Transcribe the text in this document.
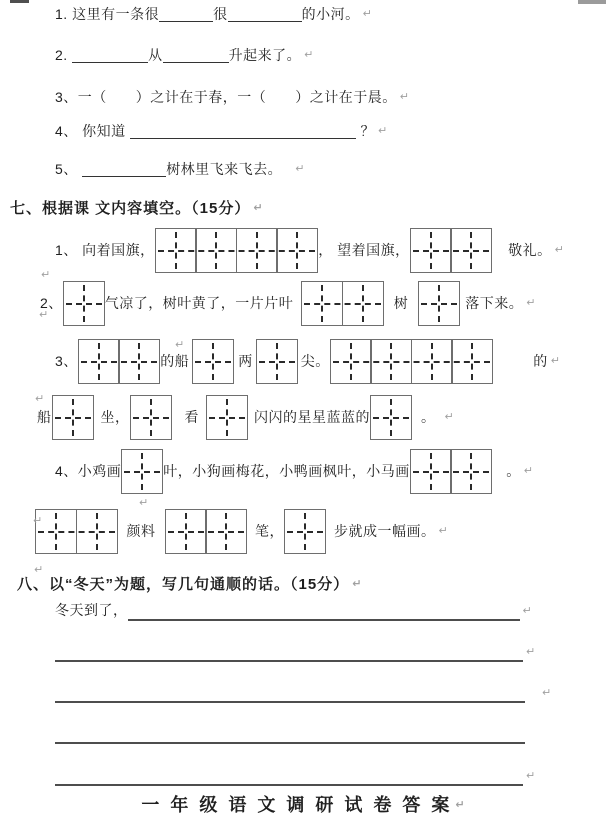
1. 这里有一条很	很	的小河。 ↵
2.	从	升起来了。 ↵
3、一（　　）之计在于春，一（　　）之计在于晨。 ↵
4、 你知道	？ ↵
5、	树林里飞来飞去。 ↵
七、根据课 文内容填空。（15分） ↵
1、 向着国旗，	， 望着国旗，	敬礼。 ↵
2、	气凉了，树叶黄了，一片片叶	树	落下来。 ↵
3、	的船	两	尖。	的 ↵
船	坐，	看	闪闪的星星蓝蓝的	。 ↵
4、小鸡画	叶，小狗画梅花，小鸭画枫叶，小马画	。 ↵
颜料	笔，	步就成一幅画。 ↵
八、以“冬天”为题，写几句通顺的话。（15分） ↵
冬天到了，	↵
↵
↵
↵
一 年 级 语 文 调 研 试 卷 答 案 ↵
↵
↵
↵
↵
↵
↵
↵
